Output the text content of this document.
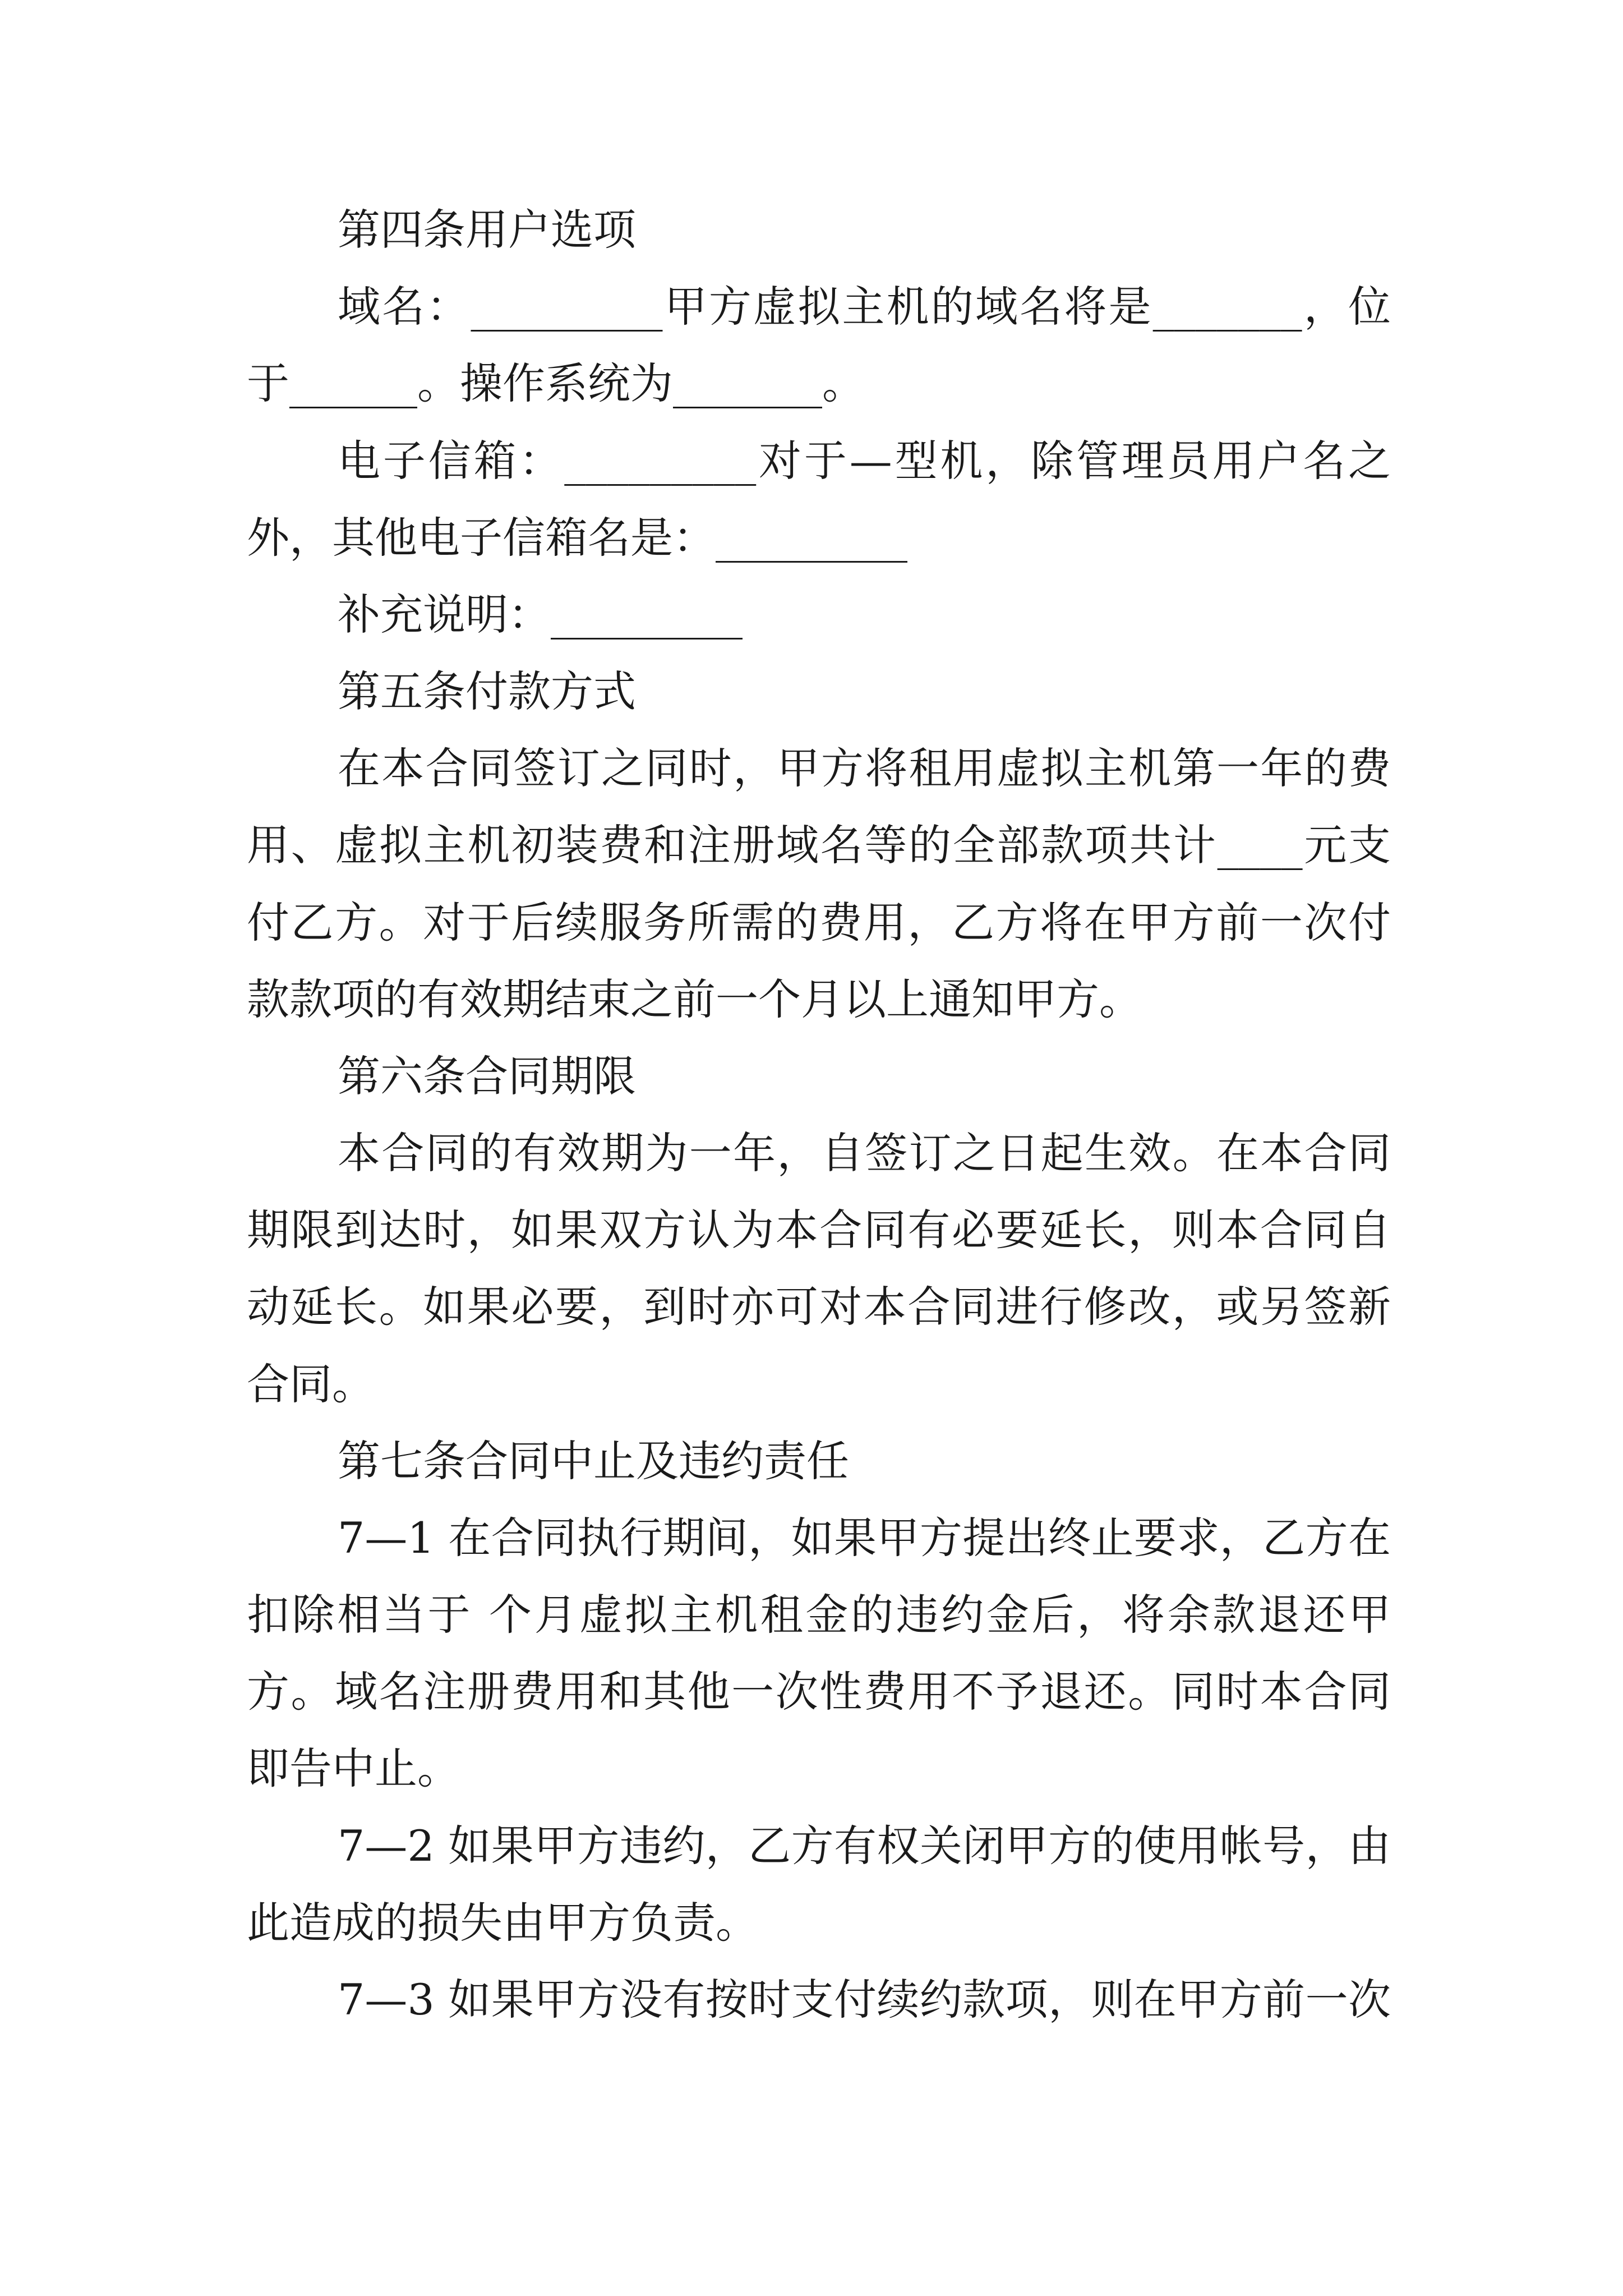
第四条用户选项
域名：_________甲方虚拟主机的域名将是_______，位
于______。操作系统为_______。
电子信箱：_________对于—型机，除管理员用户名之
外，其他电子信箱名是：_________
补充说明：_________
第五条付款方式
在本合同签订之同时，甲方将租用虚拟主机第一年的费
用、虚拟主机初装费和注册域名等的全部款项共计____元支
付乙方。对于后续服务所需的费用，乙方将在甲方前一次付
款款项的有效期结束之前一个月以上通知甲方。
第六条合同期限
本合同的有效期为一年，自签订之日起生效。在本合同
期限到达时，如果双方认为本合同有必要延长，则本合同自
动延长。如果必要，到时亦可对本合同进行修改，或另签新
合同。
第七条合同中止及违约责任
7—1 在合同执行期间，如果甲方提出终止要求，乙方在
扣除相当于 个月虚拟主机租金的违约金后，将余款退还甲
方。域名注册费用和其他一次性费用不予退还。同时本合同
即告中止。
7—2 如果甲方违约，乙方有权关闭甲方的使用帐号，由
此造成的损失由甲方负责。
7—3 如果甲方没有按时支付续约款项，则在甲方前一次
